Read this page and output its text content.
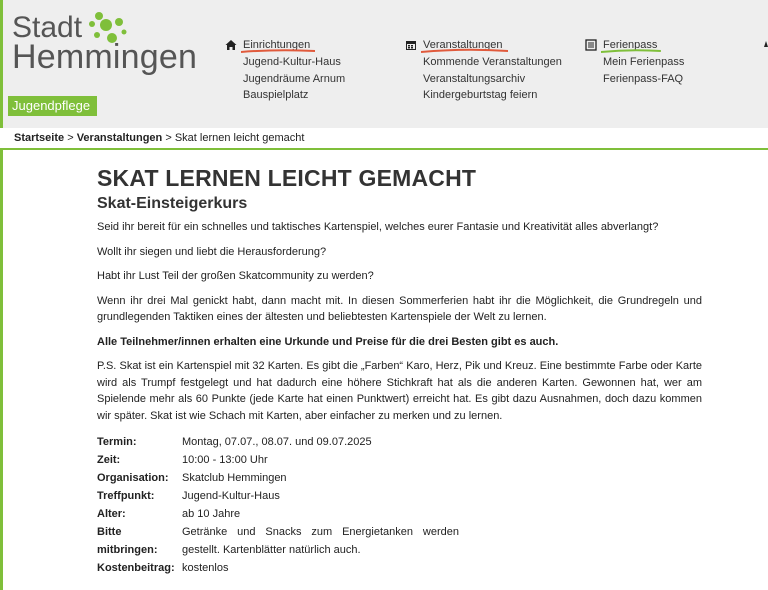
Stadt
Hemmingen
Jugendpflege
Einrichtungen
Jugend-Kultur-Haus
Jugendräume Arnum
Bauspielplatz
Veranstaltungen
Kommende Veranstaltungen
Veranstaltungsarchiv
Kindergeburtstag feiern
Ferienpass
Mein Ferienpass
Ferienpass-FAQ
Startseite > Veranstaltungen > Skat lernen leicht gemacht
SKAT LERNEN LEICHT GEMACHT
Skat-Einsteigerkurs

Seid ihr bereit für ein schnelles und taktisches Kartenspiel, welches eurer Fantasie und Kreativität alles abverlangt?

Wollt ihr siegen und liebt die Herausforderung?

Habt ihr Lust Teil der großen Skatcommunity zu werden?

Wenn ihr drei Mal genickt habt, dann macht mit. In diesen Sommerferien habt ihr die Möglichkeit, die Grundregeln und grundlegenden Taktiken eines der ältesten und beliebtesten Kartenspiele der Welt zu lernen.

Alle Teilnehmer/innen erhalten eine Urkunde und Preise für die drei Besten gibt es auch.

P.S. Skat ist ein Kartenspiel mit 32 Karten. Es gibt die „Farben“ Karo, Herz, Pik und Kreuz. Eine bestimmte Farbe oder Karte wird als Trumpf festgelegt und hat dadurch eine höhere Stichkraft hat als die anderen Karten. Gewonnen hat, wer am Spielende mehr als 60 Punkte (jede Karte hat einen Punktwert) erreicht hat. Es gibt dazu Ausnahmen, doch dazu kommen wir später. Skat ist wie Schach mit Karten, aber einfacher zu merken und zu lernen.

Termin:	Montag, 07.07., 08.07. und 09.07.2025
Zeit:	10:00 - 13:00 Uhr
Organisation:	Skatclub Hemmingen
Treffpunkt:	Jugend-Kultur-Haus
Alter:	ab 10 Jahre
Bitte mitbringen:	Getränke und Snacks zum Energietanken werden gestellt. Kartenblätter natürlich auch.
Kostenbeitrag:	kostenlos
